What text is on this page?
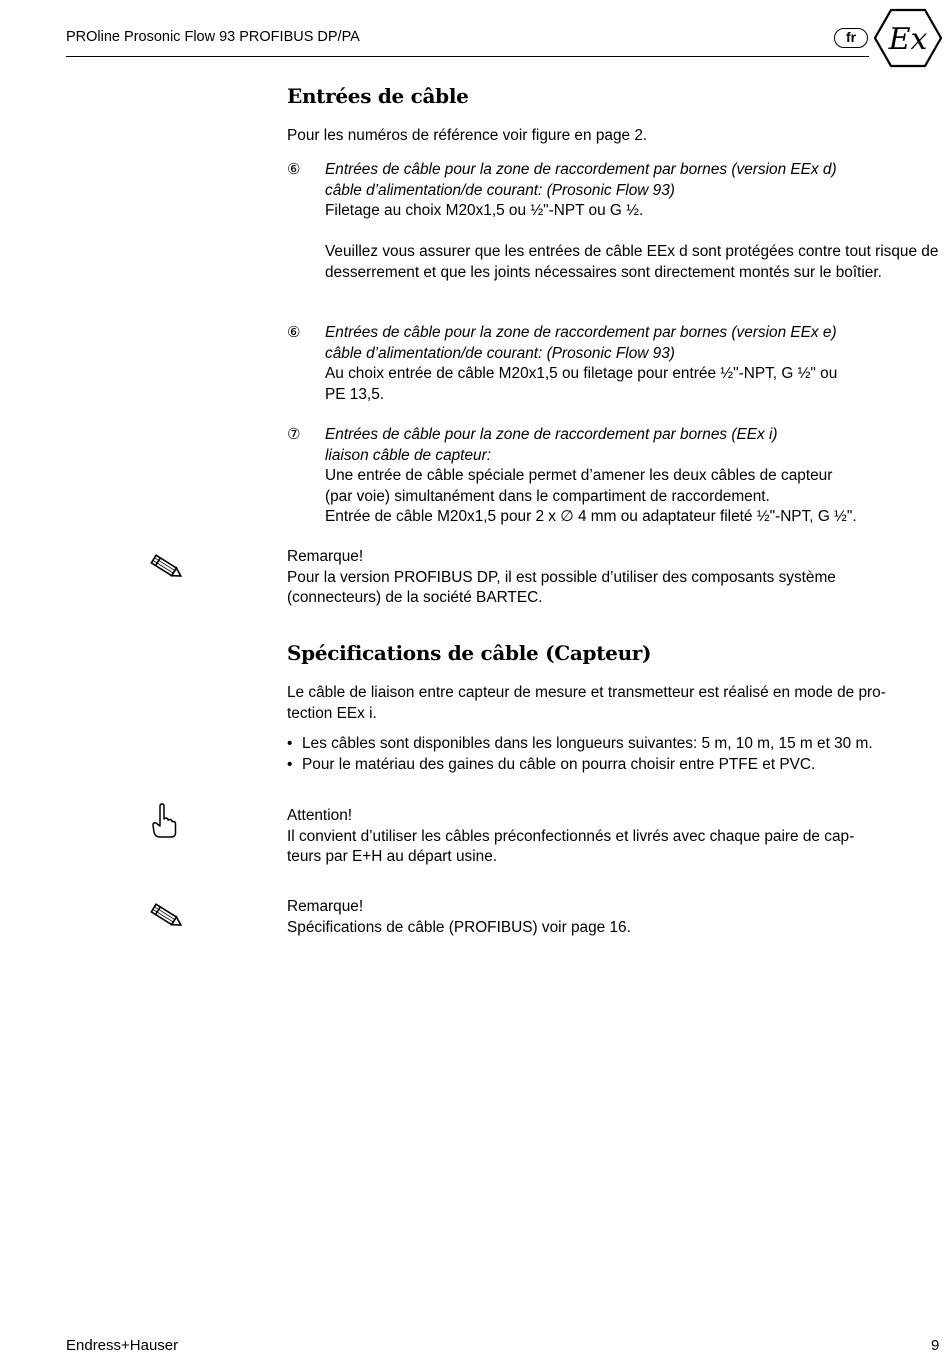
PROline Prosonic Flow 93 PROFIBUS DP/PA	fr	Ex
Entrées de câble
Pour les numéros de référence voir figure en page 2.
⑥ Entrées de câble pour la zone de raccordement par bornes (version EEx d)
câble d’alimentation/de courant: (Prosonic Flow 93)
Filetage au choix M20x1,5 ou ½"-NPT ou G ½.
Veuillez vous assurer que les entrées de câble EEx d sont protégées contre tout risque de desserrement et que les joints nécessaires sont directement montés sur le boîtier.
⑥ Entrées de câble pour la zone de raccordement par bornes (version EEx e)
câble d’alimentation/de courant: (Prosonic Flow 93)
Au choix entrée de câble M20x1,5 ou filetage pour entrée ½"-NPT, G ½" ou
PE 13,5.
⑦ Entrées de câble pour la zone de raccordement par bornes (EEx i)
liaison câble de capteur:
Une entrée de câble spéciale permet d’amener les deux câbles de capteur
(par voie) simultanément dans le compartiment de raccordement.
Entrée de câble M20x1,5 pour 2 x ∅ 4 mm ou adaptateur fileté ½"-NPT, G ½".
Remarque!
Pour la version PROFIBUS DP, il est possible d’utiliser des composants système
(connecteurs) de la société BARTEC.
Spécifications de câble (Capteur)
Le câble de liaison entre capteur de mesure et transmetteur est réalisé en mode de pro-
tection EEx i.
• Les câbles sont disponibles dans les longueurs suivantes: 5 m, 10 m, 15 m et 30 m.
• Pour le matériau des gaines du câble on pourra choisir entre PTFE et PVC.
Attention!
Il convient d’utiliser les câbles préconfectionnés et livrés avec chaque paire de cap-
teurs par E+H au départ usine.
Remarque!
Spécifications de câble (PROFIBUS) voir page 16.
Endress+Hauser	9
